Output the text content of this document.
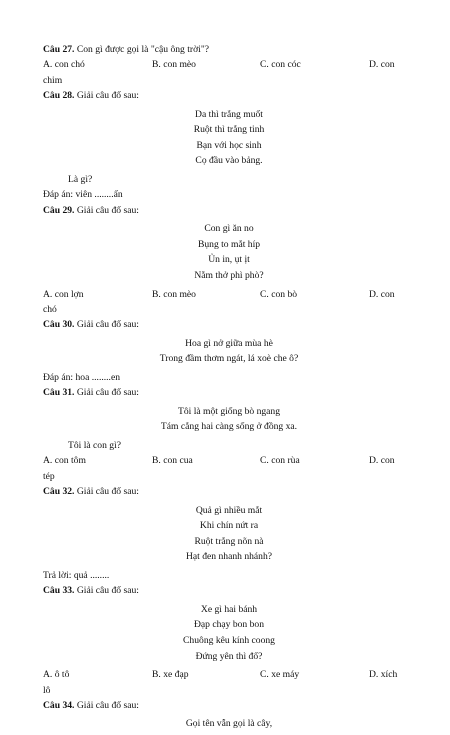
Câu 27. Con gì được gọi là "cậu ông trời"?
A. con chó	B. con mèo	C. con cóc	D. con
chim
Câu 28. Giải câu đố sau:
Da thì trắng muốt
Ruột thì trắng tinh
Bạn với học sinh
Cọ đầu vào bảng.
Là gì?
Đáp án: viên ........ấn
Câu 29. Giải câu đố sau:
Con gì ăn no
Bụng to mắt híp
Ủn in, ụt ịt
Nằm thở phì phò?
A. con lợn	B. con mèo	C. con bò	D. con
chó
Câu 30. Giải câu đố sau:
Hoa gì nở giữa mùa hè
Trong đầm thơm ngát, lá xoè che ô?
Đáp án: hoa ........en
Câu 31. Giải câu đố sau:
Tôi là một giống bò ngang
Tám cẳng hai càng sống ở đồng xa.
Tôi là con gì?
A. con tôm	B. con cua	C. con rùa	D. con
tép
Câu 32. Giải câu đố sau:
Quả gì nhiều mắt
Khi chín nứt ra
Ruột trắng nõn nà
Hạt đen nhanh nhánh?
Trả lời: quả ........
Câu 33. Giải câu đố sau:
Xe gì hai bánh
Đạp chạy bon bon
Chuông kêu kính coong
Đứng yên thì đổ?
A. ô tô	B. xe đạp	C. xe máy	D. xích
lô
Câu 34. Giải câu đố sau:
Gọi tên vẫn gọi là cây,
